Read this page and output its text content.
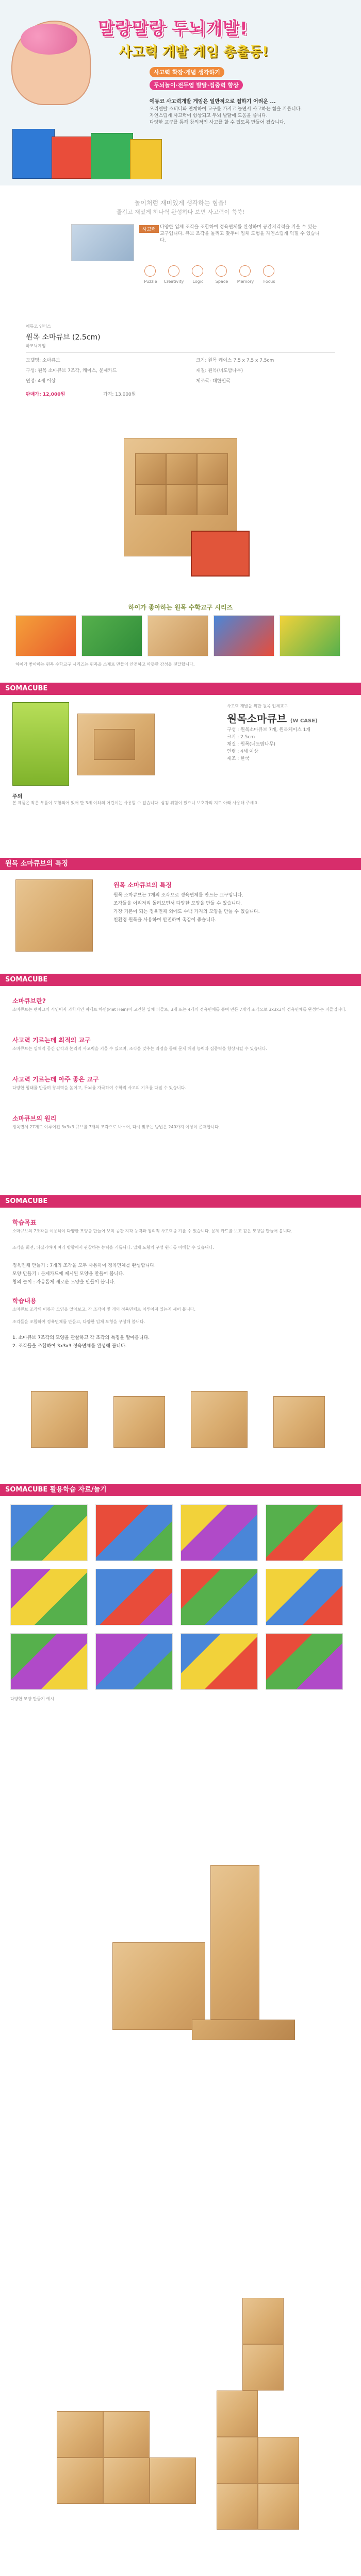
말랑말랑 두뇌개발!
사고력 개발 게임 총출동!
사고력 확장·개념 생각하기
두뇌놀이·전두엽 발달·집중력 향상
에듀코 사고력개발 게임은 일반적으로 접하기 어려운 ...
오리엔탈 스터디와 연계하여 교구를 가지고 놀면서 사고하는 힘을 기릅니다.
자연스럽게 사고력이 향상되고 두뇌 발달에 도움을 줍니다.
다양한 교구를 통해 창의적인 사고를 할 수 있도록 만들어 졌습니다.
놀이처럼 재미있게 생각하는 힘을!
즐겁고 재밌게 하나씩 완성하다 보면 사고력이 쑥쑥!
사고력 다양한 입체 조각을 조합하여 정육면체를 완성하며 공간지각력을 키울 수 있는 교구입니다. 큐브 조각을 돌리고 맞추며 입체 도형을 자연스럽게 익힐 수 있습니다.
Puzzle	Creativity	Logic	Space	Memory	Focus
에듀코 인터스
원목 소마큐브 (2.5cm)
하모닉게임
모델명: 소마큐브	크기: 원목 케이스 7.5 x 7.5 x 7.5cm
구성: 원목 소마큐브 7조각, 케이스, 문제카드	재질: 원목(너도밤나무)
연령: 4세 이상	제조국: 대한민국
판매가: 12,000원	가격: 13,000원
하이가 좋아하는 원목 수학교구 시리즈
하이가 좋아하는 원목 수학교구 시리즈는 원목을 소재로 만들어 안전하고 따뜻한 감성을 전달합니다.
SOMACUBE
사고력 개발을 위한 원목 입체교구
원목소마큐브 (W CASE)
구성 : 원목소마큐브 7개, 원목케이스 1개
크기 : 2.5cm
재질 : 원목(너도밤나무)
연령 : 4세 이상
제조 : 한국
주의
본 제품은 작은 부품이 포함되어 있어 만 3세 이하의 어린이는 사용할 수 없습니다. 삼킴 위험이 있으니 보호자의 지도 아래 사용해 주세요.
원목 소마큐브의 특징
원목 소마큐브의 특징
원목 소마큐브는 7개의 조각으로 정육면체를 만드는 교구입니다.
조각들을 이리저리 돌려보면서 다양한 모양을 만들 수 있습니다.
가장 기본이 되는 정육면체 외에도 수백 가지의 모양을 만들 수 있습니다.
친환경 원목을 사용하여 안전하며 촉감이 좋습니다.
SOMACUBE
소마큐브란?
소마큐브는 덴마크의 시인이자 과학자인 피에트 하인(Piet Hein)이 고안한 입체 퍼즐로, 3개 또는 4개의 정육면체를 붙여 만든 7개의 조각으로 3x3x3의 정육면체를 완성하는 퍼즐입니다.
사고력 기르는데 최적의 교구
소마큐브는 입체적 공간 감각과 논리적 사고력을 키울 수 있으며, 조각을 맞추는 과정을 통해 문제 해결 능력과 집중력을 향상시킬 수 있습니다.
사고력 기르는데 아주 좋은 교구
다양한 형태를 만들며 창의력을 높이고, 두뇌를 자극하여 수학적 사고의 기초를 다질 수 있습니다.
소마큐브의 원리
정육면체 27개로 이루어진 3x3x3 큐브를 7개의 조각으로 나누어, 다시 맞추는 방법은 240가지 이상이 존재합니다.
SOMACUBE
학습목표
소마큐브의 7조각을 이용하여 다양한 모양을 만들어 보며 공간 지각 능력과 창의적 사고력을 기를 수 있습니다. 문제 카드를 보고 같은 모양을 만들어 봅니다.
조각을 회전, 뒤집기하며 여러 방향에서 관찰하는 능력을 기릅니다. 입체 도형의 구성 원리를 이해할 수 있습니다.
정육면체 만들기 : 7개의 조각을 모두 사용하여 정육면체를 완성합니다.
모양 만들기 : 문제카드에 제시된 모양을 만들어 봅니다.
창의 놀이 : 자유롭게 새로운 모양을 만들어 봅니다.
학습내용
소마큐브 조각의 이름과 모양을 알아보고, 각 조각이 몇 개의 정육면체로 이루어져 있는지 세어 봅니다.
조각들을 조합하여 정육면체를 만들고, 다양한 입체 도형을 구성해 봅니다.
1. 소마큐브 7조각의 모양을 관찰하고 각 조각의 특징을 알아봅니다.
2. 조각들을 조합하여 3x3x3 정육면체를 완성해 봅니다.
SOMACUBE 활용학습 자료/놀기
다양한 모양 만들기 예시
